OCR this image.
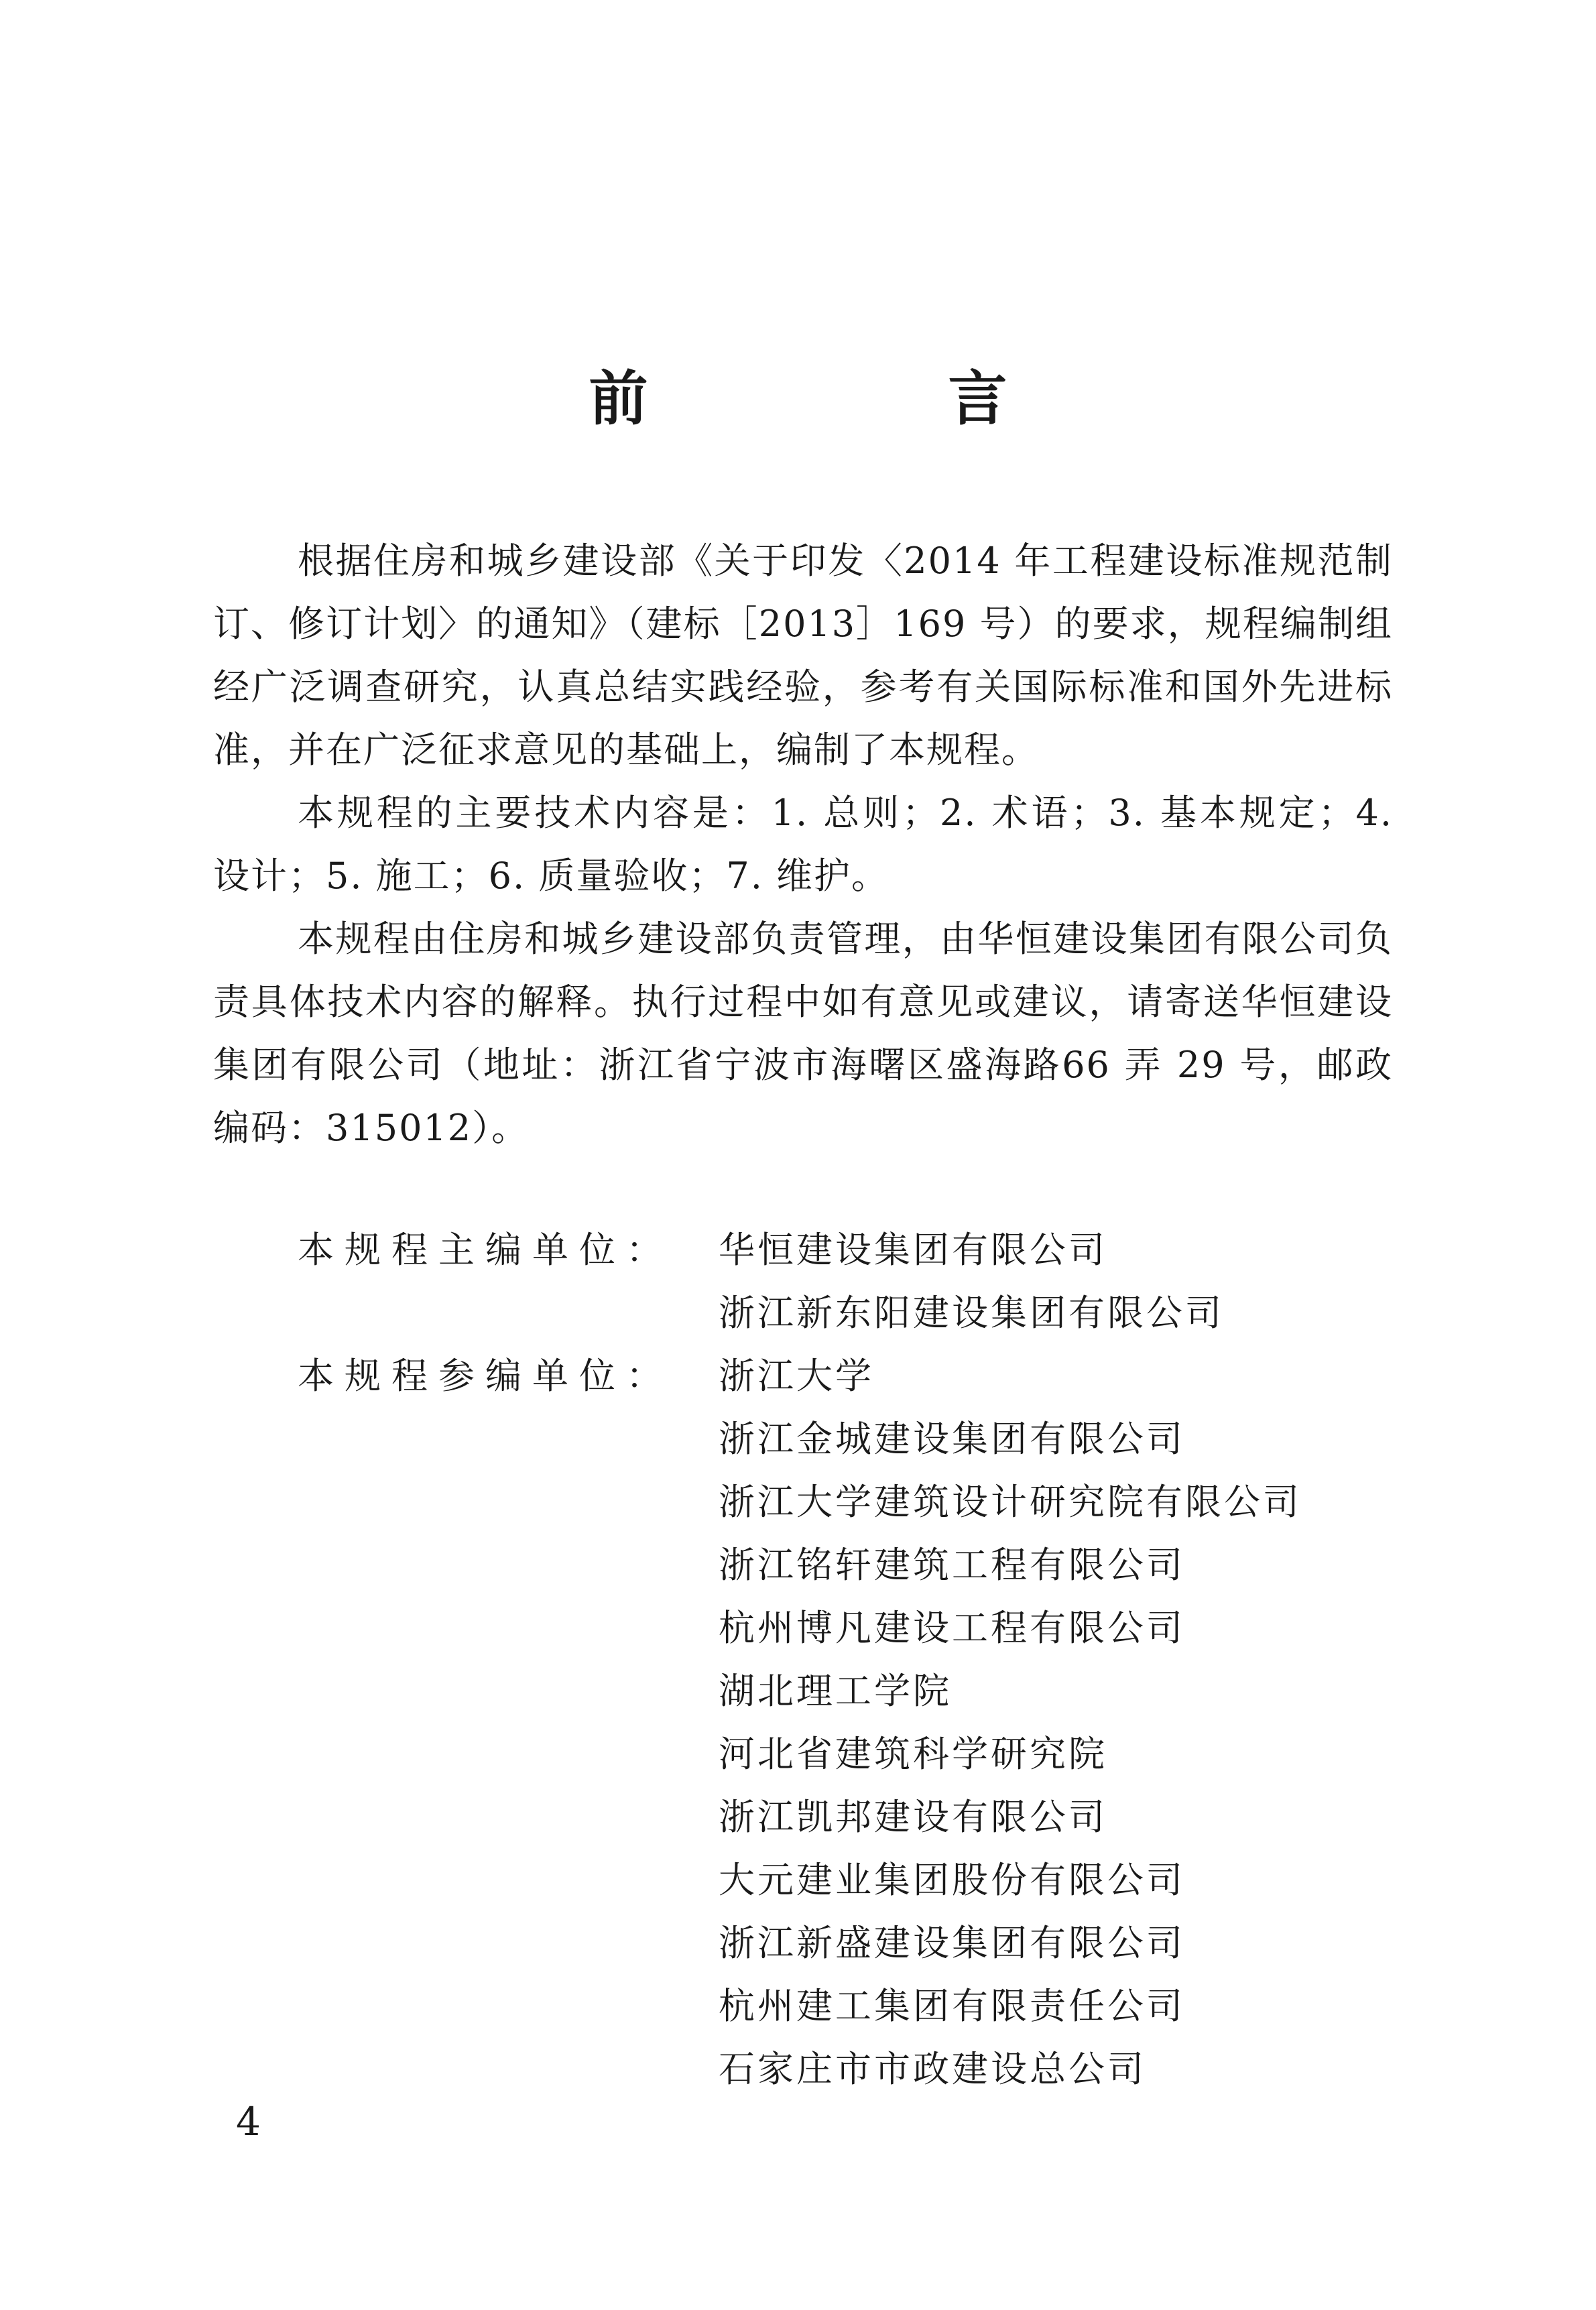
前　言

根据住房和城乡建设部《关于印发〈2014 年工程建设标准规范制订、修订计划〉的通知》（建标［2013］169 号）的要求，规程编制组经广泛调查研究，认真总结实践经验，参考有关国际标准和国外先进标准，并在广泛征求意见的基础上，编制了本规程。

本规程的主要技术内容是：1. 总则；2. 术语；3. 基本规定；4. 设计；5. 施工；6. 质量验收；7. 维护。

本规程由住房和城乡建设部负责管理，由华恒建设集团有限公司负责具体技术内容的解释。执行过程中如有意见或建议，请寄送华恒建设集团有限公司（地址：浙江省宁波市海曙区盛海路66 弄 29 号，邮政编码：315012）。

本规程主编单位：	华恒建设集团有限公司
浙江新东阳建设集团有限公司
本规程参编单位：	浙江大学
浙江金城建设集团有限公司
浙江大学建筑设计研究院有限公司
浙江铭轩建筑工程有限公司
杭州博凡建设工程有限公司
湖北理工学院
河北省建筑科学研究院
浙江凯邦建设有限公司
大元建业集团股份有限公司
浙江新盛建设集团有限公司
杭州建工集团有限责任公司
石家庄市市政建设总公司
4
